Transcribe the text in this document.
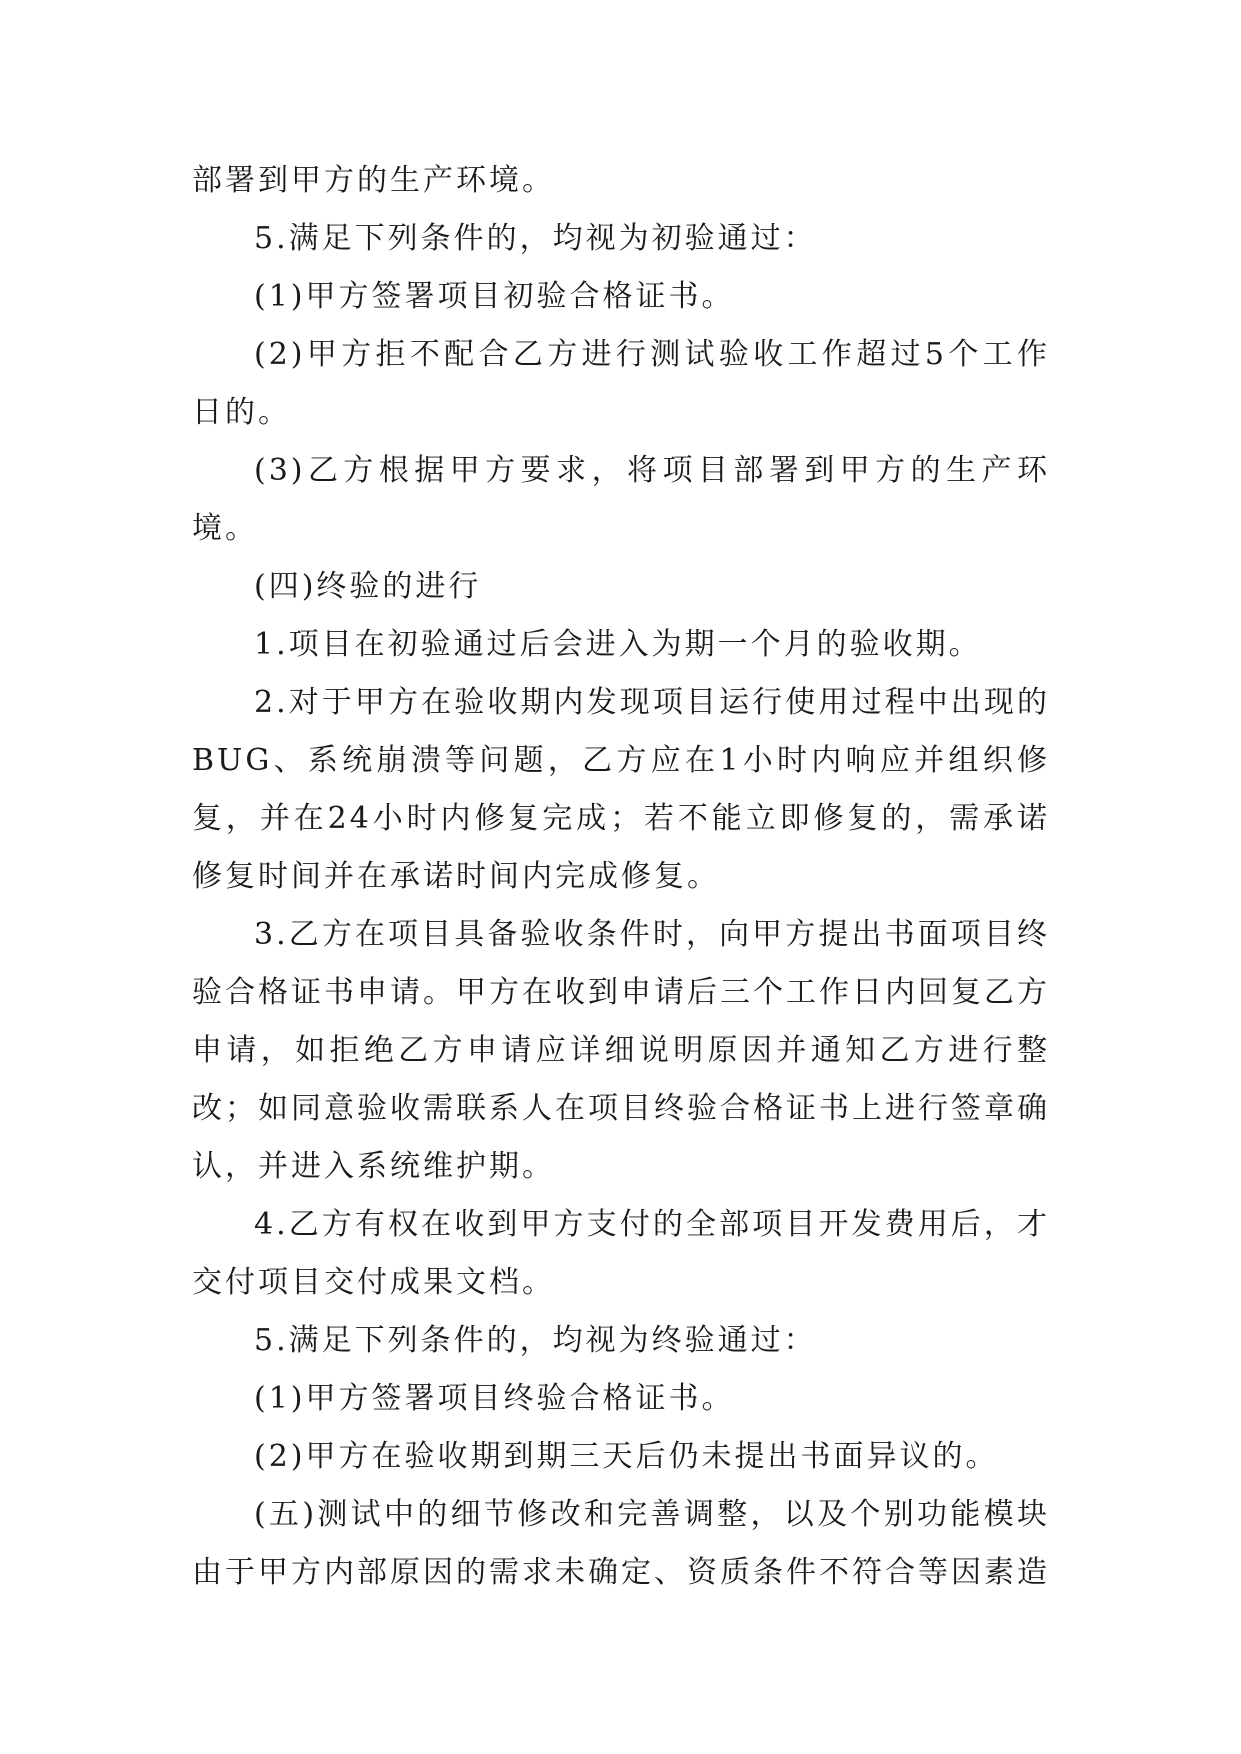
部署到甲方的生产环境。

5.满足下列条件的，均视为初验通过：

(1)甲方签署项目初验合格证书。

(2)甲方拒不配合乙方进行测试验收工作超过5个工作日的。

(3)乙方根据甲方要求，将项目部署到甲方的生产环境。

(四)终验的进行

1.项目在初验通过后会进入为期一个月的验收期。

2.对于甲方在验收期内发现项目运行使用过程中出现的BUG、系统崩溃等问题，乙方应在1小时内响应并组织修复，并在24小时内修复完成；若不能立即修复的，需承诺修复时间并在承诺时间内完成修复。

3.乙方在项目具备验收条件时，向甲方提出书面项目终验合格证书申请。甲方在收到申请后三个工作日内回复乙方申请，如拒绝乙方申请应详细说明原因并通知乙方进行整改；如同意验收需联系人在项目终验合格证书上进行签章确认，并进入系统维护期。

4.乙方有权在收到甲方支付的全部项目开发费用后，才交付项目交付成果文档。

5.满足下列条件的，均视为终验通过：

(1)甲方签署项目终验合格证书。

(2)甲方在验收期到期三天后仍未提出书面异议的。

(五)测试中的细节修改和完善调整，以及个别功能模块由于甲方内部原因的需求未确定、资质条件不符合等因素造
